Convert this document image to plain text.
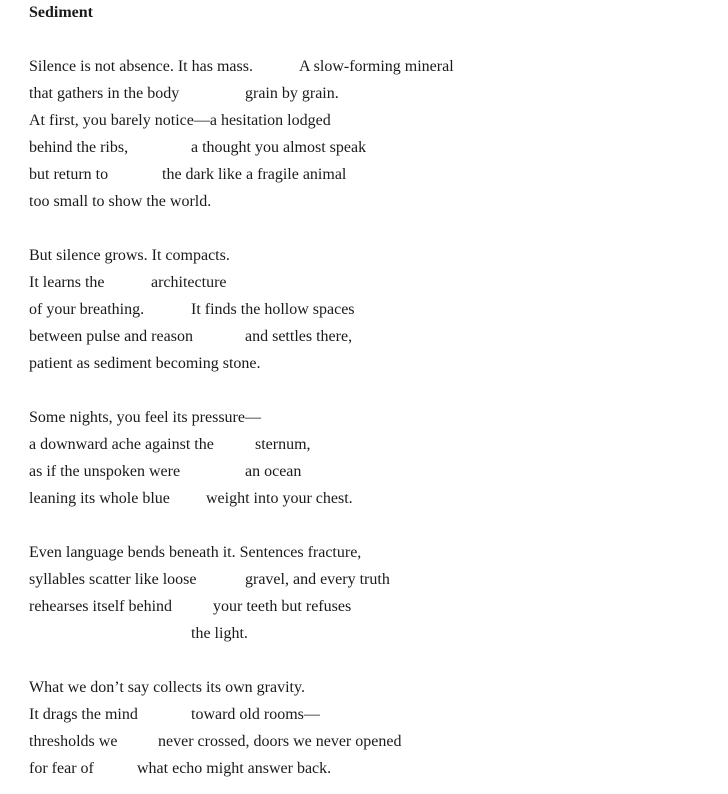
Sediment

Silence is not absence. It has mass.

	A slow-forming mineral

that gathers in the body

	grain by grain.

At first, you barely notice—a hesitation lodged

behind the ribs,

	a thought you almost speak

but return to

	the dark like a fragile animal

too small to show the world.

But silence grows. It compacts.

It learns the

	architecture

of your breathing.

	It finds the hollow spaces

between pulse and reason

	and settles there,

patient as sediment becoming stone.

Some nights, you feel its pressure—

a downward ache against the

	sternum,

as if the unspoken were

	an ocean

leaning its whole blue

weight into your chest.

Even language bends beneath it. Sentences fracture,

syllables scatter like loose

	gravel, and every truth

rehearses itself behind

	your teeth but refuses

the light.

What we don’t say collects its own gravity.

It drags the mind

	toward old rooms—

thresholds we

	never crossed, doors we never opened

for fear of

	what echo might answer back.
